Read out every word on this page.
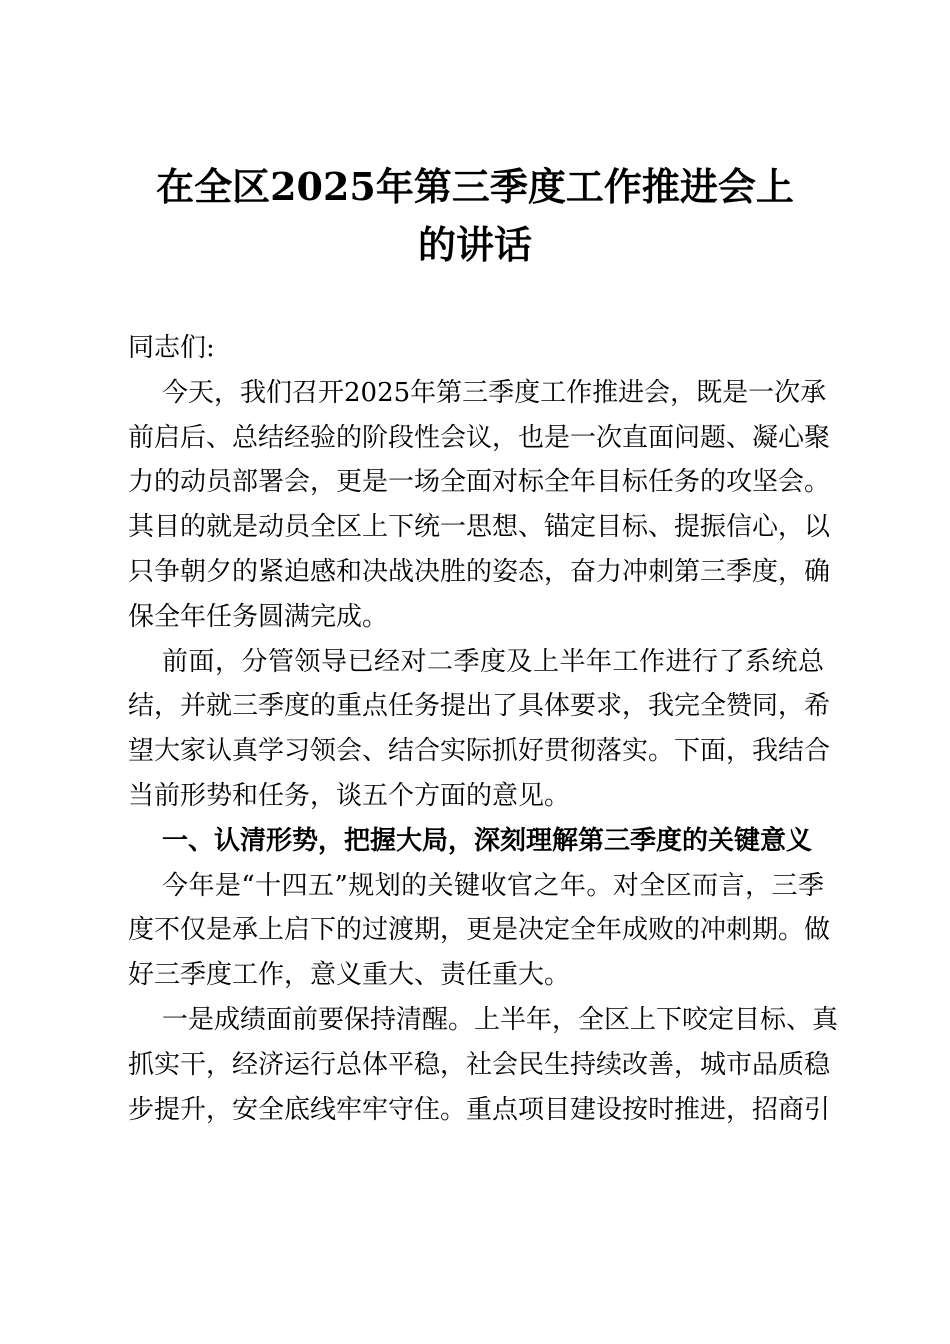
在全区2025年第三季度工作推进会上
的讲话
同志们:
今天，我们召开2025年第三季度工作推进会，既是一次承
前启后、总结经验的阶段性会议，也是一次直面问题、凝心聚
力的动员部署会，更是一场全面对标全年目标任务的攻坚会。
其目的就是动员全区上下统一思想、锚定目标、提振信心，以
只争朝夕的紧迫感和决战决胜的姿态，奋力冲刺第三季度，确
保全年任务圆满完成。
前面，分管领导已经对二季度及上半年工作进行了系统总
结，并就三季度的重点任务提出了具体要求，我完全赞同，希
望大家认真学习领会、结合实际抓好贯彻落实。下面，我结合
当前形势和任务，谈五个方面的意见。
一、认清形势，把握大局，深刻理解第三季度的关键意义
今年是“十四五”规划的关键收官之年。对全区而言，三季
度不仅是承上启下的过渡期，更是决定全年成败的冲刺期。做
好三季度工作，意义重大、责任重大。
一是成绩面前要保持清醒。上半年，全区上下咬定目标、真
抓实干，经济运行总体平稳，社会民生持续改善，城市品质稳
步提升，安全底线牢牢守住。重点项目建设按时推进，招商引
